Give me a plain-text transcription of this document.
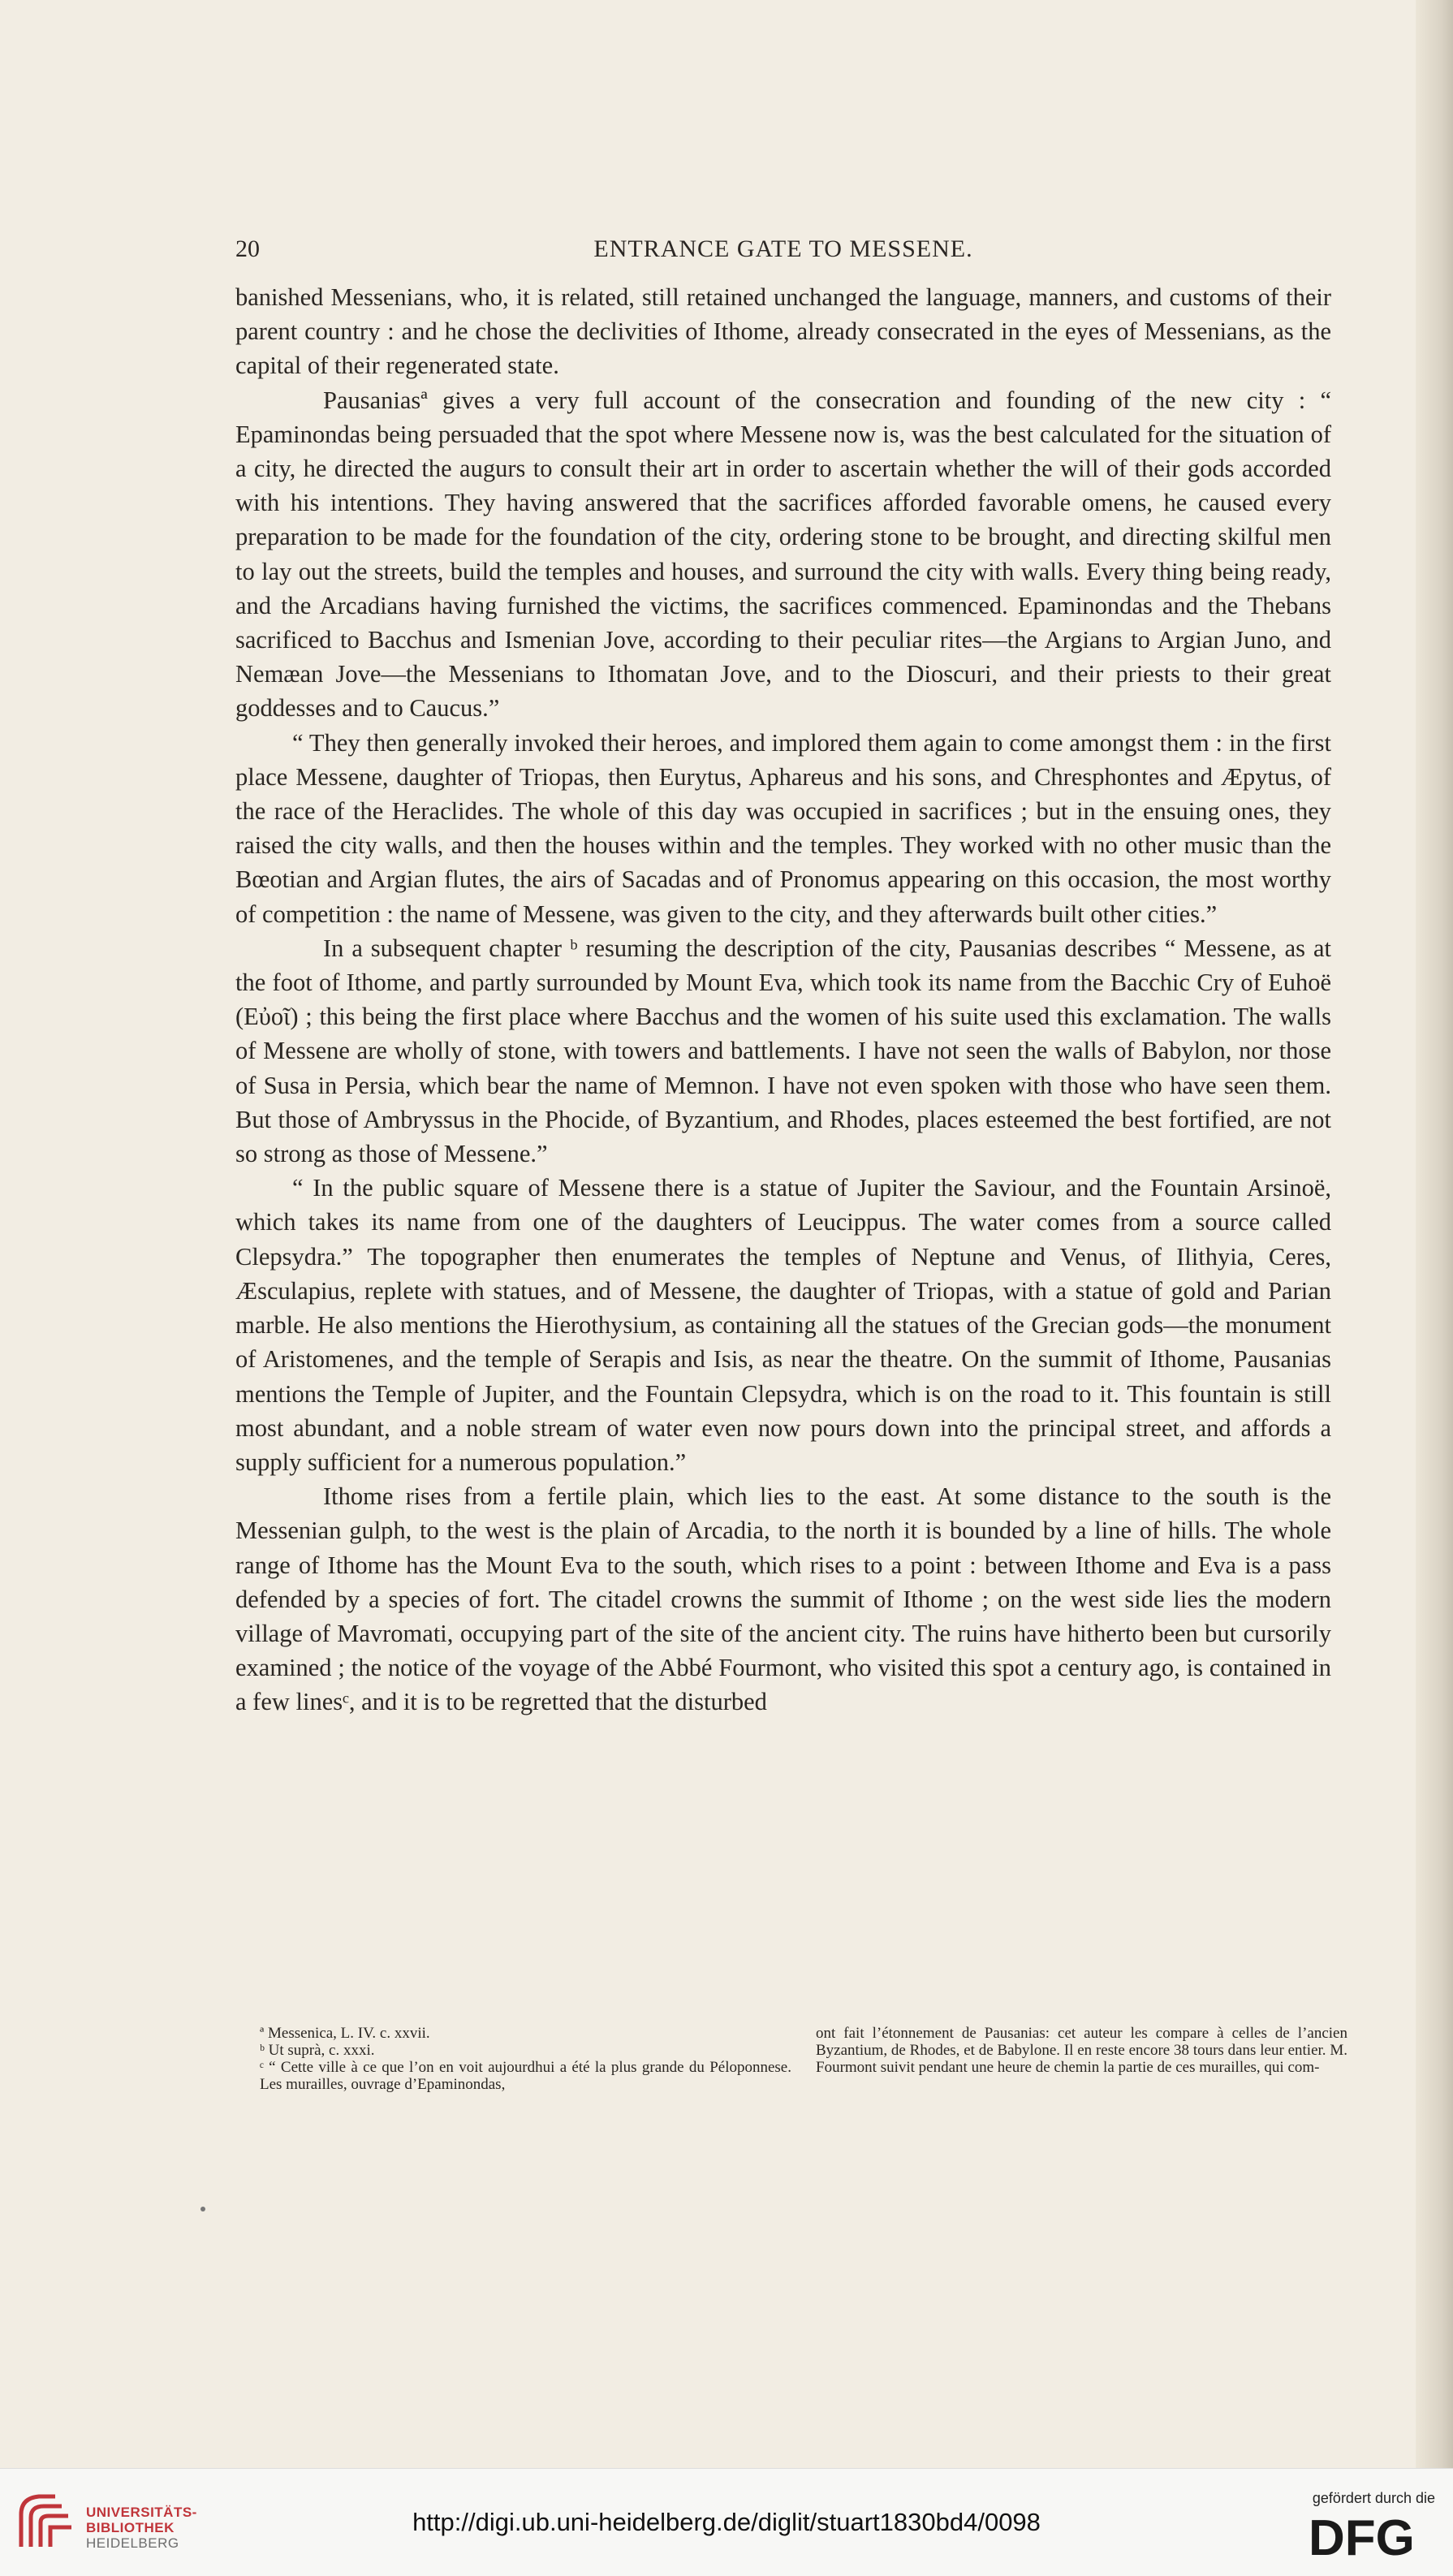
20	ENTRANCE GATE TO MESSENE.

banished Messenians, who, it is related, still retained unchanged the language, manners, and customs of their parent country : and he chose the declivities of Ithome, already consecrated in the eyes of Messenians, as the capital of their regenerated state.

Pausaniasª gives a very full account of the consecration and founding of the new city : “ Epaminondas being persuaded that the spot where Messene now is, was the best calculated for the situation of a city, he directed the augurs to consult their art in order to ascertain whether the will of their gods accorded with his intentions. They having answered that the sacrifices afforded favorable omens, he caused every preparation to be made for the foundation of the city, ordering stone to be brought, and directing skilful men to lay out the streets, build the temples and houses, and surround the city with walls. Every thing being ready, and the Arcadians having furnished the victims, the sacrifices commenced. Epaminondas and the Thebans sacrificed to Bacchus and Ismenian Jove, according to their peculiar rites—the Argians to Argian Juno, and Nemæan Jove—the Messenians to Ithomatan Jove, and to the Dioscuri, and their priests to their great goddesses and to Caucus.”

“ They then generally invoked their heroes, and implored them again to come amongst them : in the first place Messene, daughter of Triopas, then Eurytus, Aphareus and his sons, and Chresphontes and Æpytus, of the race of the Heraclides. The whole of this day was occupied in sacrifices ; but in the ensuing ones, they raised the city walls, and then the houses within and the temples. They worked with no other music than the Bœotian and Argian flutes, the airs of Sacadas and of Pronomus appearing on this occasion, the most worthy of competition : the name of Messene, was given to the city, and they afterwards built other cities.”

In a subsequent chapter ᵇ resuming the description of the city, Pausanias describes “ Messene, as at the foot of Ithome, and partly surrounded by Mount Eva, which took its name from the Bacchic Cry of Euhoë (Εὐοῖ) ; this being the first place where Bacchus and the women of his suite used this exclamation. The walls of Messene are wholly of stone, with towers and battlements. I have not seen the walls of Babylon, nor those of Susa in Persia, which bear the name of Memnon. I have not even spoken with those who have seen them. But those of Ambryssus in the Phocide, of Byzantium, and Rhodes, places esteemed the best fortified, are not so strong as those of Messene.”

“ In the public square of Messene there is a statue of Jupiter the Saviour, and the Fountain Arsinoë, which takes its name from one of the daughters of Leucippus. The water comes from a source called Clepsydra.” The topographer then enumerates the temples of Neptune and Venus, of Ilithyia, Ceres, Æsculapius, replete with statues, and of Messene, the daughter of Triopas, with a statue of gold and Parian marble. He also mentions the Hierothysium, as containing all the statues of the Grecian gods—the monument of Aristomenes, and the temple of Serapis and Isis, as near the theatre. On the summit of Ithome, Pausanias mentions the Temple of Jupiter, and the Fountain Clepsydra, which is on the road to it. This fountain is still most abundant, and a noble stream of water even now pours down into the principal street, and affords a supply sufficient for a numerous population.”

Ithome rises from a fertile plain, which lies to the east. At some distance to the south is the Messenian gulph, to the west is the plain of Arcadia, to the north it is bounded by a line of hills. The whole range of Ithome has the Mount Eva to the south, which rises to a point : between Ithome and Eva is a pass defended by a species of fort. The citadel crowns the summit of Ithome ; on the west side lies the modern village of Mavromati, occupying part of the site of the ancient city. The ruins have hitherto been but cursorily examined ; the notice of the voyage of the Abbé Fourmont, who visited this spot a century ago, is contained in a few linesᶜ, and it is to be regretted that the disturbed

ª Messenica, L. IV. c. xxvii.

ᵇ Ut suprà, c. xxxi.

ᶜ “ Cette ville à ce que l’on en voit aujourdhui a été la plus grande du Péloponnese. Les murailles, ouvrage d’Epaminondas,

ont fait l’étonnement de Pausanias: cet auteur les compare à celles de l’ancien Byzantium, de Rhodes, et de Babylone. Il en reste encore 38 tours dans leur entier. M. Fourmont suivit pendant une heure de chemin la partie de ces murailles, qui com-

UNIVERSITÄTS-
BIBLIOTHEK
HEIDELBERG
http://digi.ub.uni-heidelberg.de/diglit/stuart1830bd4/0098
gefördert durch die
DFG
